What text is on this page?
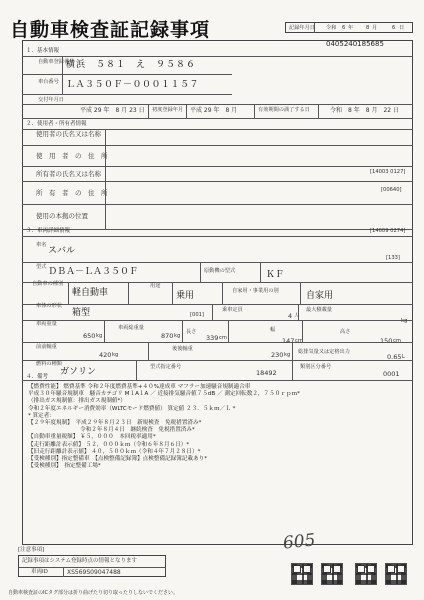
自動車検査証記録事項	記録年月日 令和 6 年 8 月	6 日
0405240185685
１．基本情報
自動車登録番号
横浜　５８１　え　９５８６
車台番号 ＬＡ３５０Ｆ－０００１１５７
交付年月日
平成 29 年　8 月 23 日 初度登録年月 平成 29 年　8 月	有効期間の満了する日	令和　8 年　8 月　22 日
２．使用者・所有者情報
使用者の氏名又は名称
使　用　者　の　住　所
所有者の氏名又は名称	[14003 0127]
所　有　者　の　住　所	[00640]
使用の本拠の位置
３．車両詳細情報	[14009 0274]
車名
スバル
[133]
型式 ＤＢＡ－ＬＡ３５０Ｆ	原動機の型式	ＫＦ
自動車の種別
軽自動車
用途
乗用	自家用・事業用の別	自家用
車体の形状
箱型	[001]
乗車定員
4 人
最大積載量
－ kg
車両重量
650 kg
車両総重量
870 kg
長さ
339 cm
幅
147 cm
高さ
150 cm
前前軸重
420 kg
後後軸重
230 kg 総排気量又は定格出力
0.65 L
燃料の種類
ガソリン	型式指定番号
18492
類別区分番号
0001
４．備考
【燃費性能】 燃費基準 令和２年度燃費基準+４０%達成車 マフラー加速騒音規制適合車
平成３０年騒音規制車　騒音カテゴリ M１A１A ／ 近接排気騒音値７５dB ／ 測定回転数２，７５０ｒｐｍ*
（排出ガス規制値：排出ガス規制値*）
令和２年度エネルギー消費効率（WLTCモード燃費値） 算定値 ２３．５ｋｍ／Ｌ *
* 算定者：
【２９年度規制】　平成２９年８月２３日　新規検査　免税措置済み*
　　　　　　　　　 令和２年８月４日　継続検査　免税措置済み*
【自動車重量税額】 ￥５，０００　本回税率適用*
【走行距離計表示値】 ５２，０００ｋｍ（令和６年８月６日）*
【旧走行距離計表示値】 ４０，５００ｋｍ（令和４年７月２８日）*
【受検種別】指定整備車　【点検整備記録簿】点検整備記録簿記載あり*
【受検種別】　指定整備工場*
605
[注意事項]
記録事項はシステム登録時点の情報となります
車両ID	XS569S09047488
自動車検査証のICタグ部分は折り曲げたり切り取ったりしないでください。
